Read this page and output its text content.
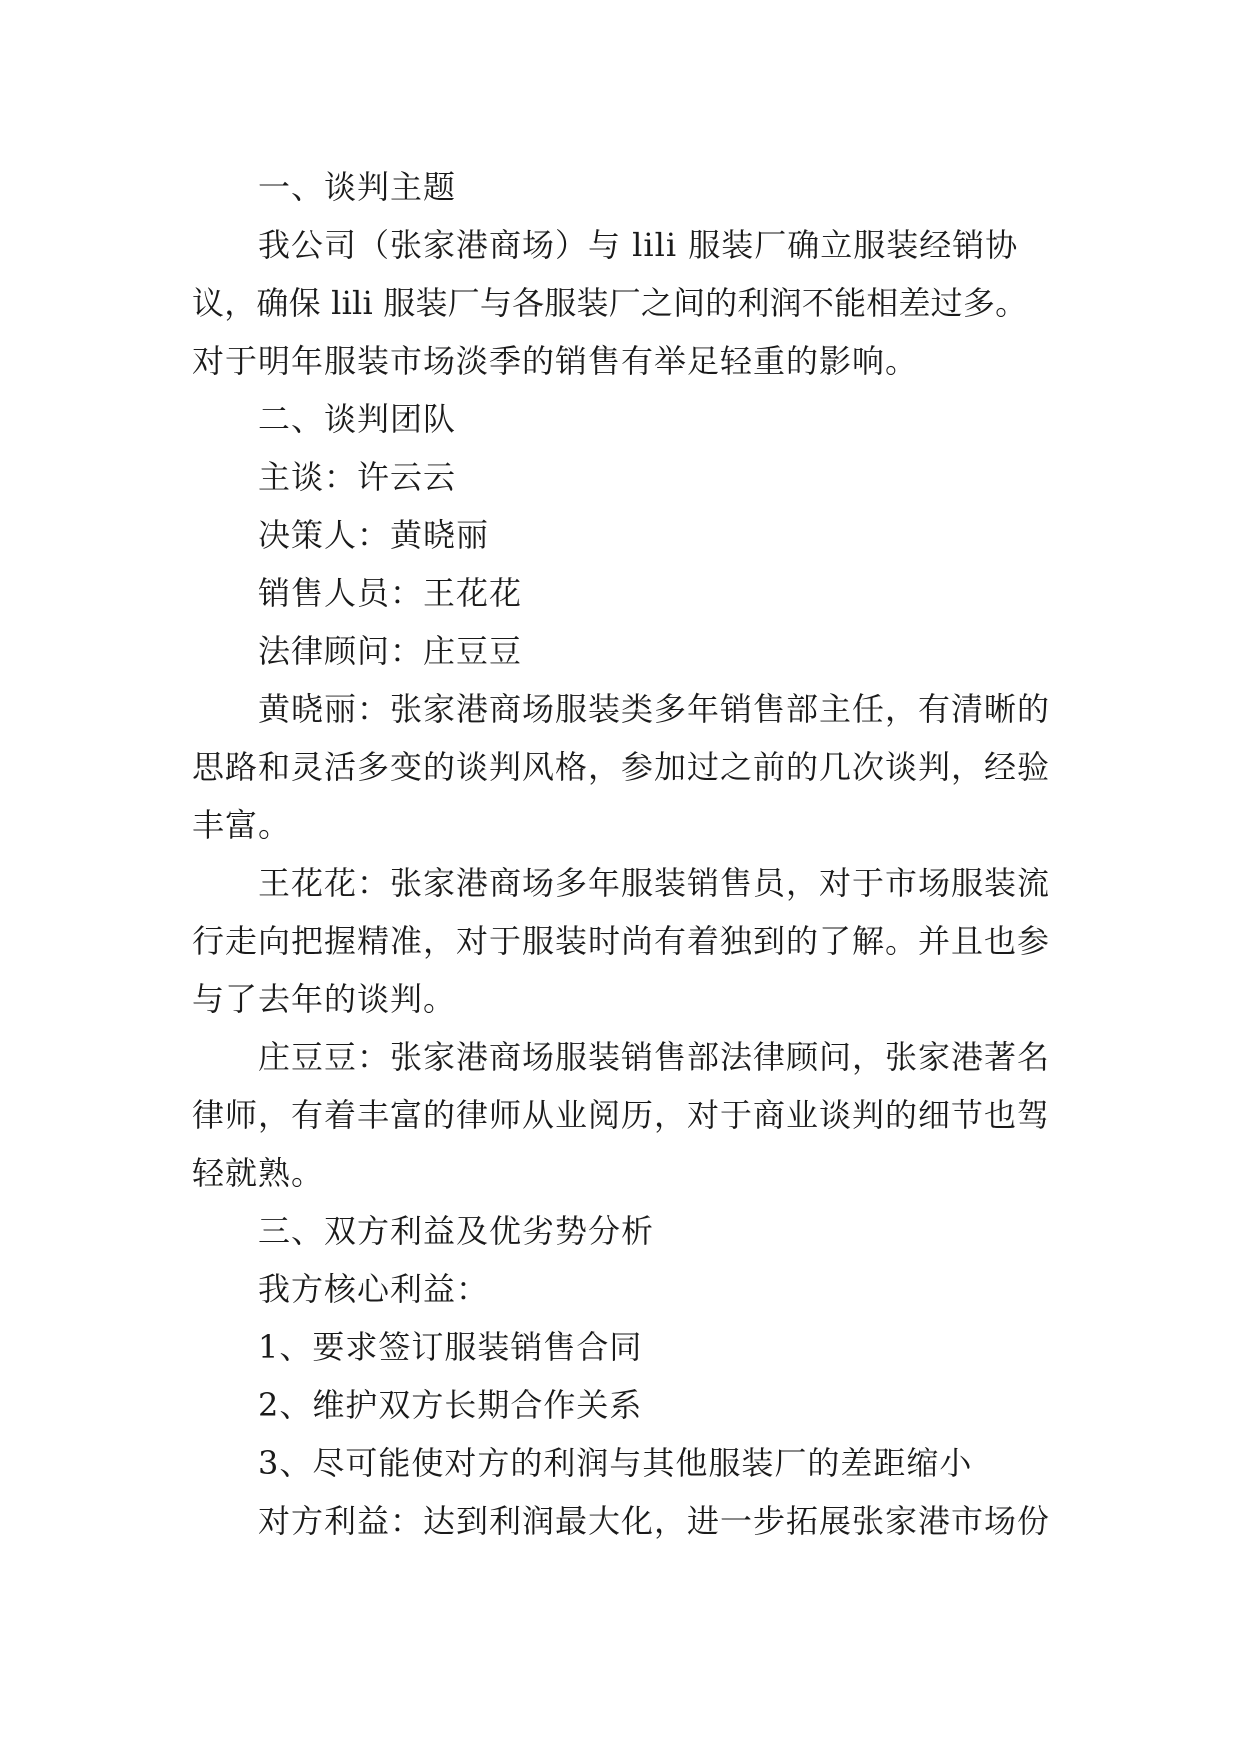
一、谈判主题
我公司（张家港商场）与 lili 服装厂确立服装经销协
议，确保 lili 服装厂与各服装厂之间的利润不能相差过多。
对于明年服装市场淡季的销售有举足轻重的影响。
二、谈判团队
主谈：许云云
决策人：黄晓丽
销售人员：王花花
法律顾问：庄豆豆
黄晓丽：张家港商场服装类多年销售部主任，有清晰的
思路和灵活多变的谈判风格，参加过之前的几次谈判，经验
丰富。
王花花：张家港商场多年服装销售员，对于市场服装流
行走向把握精准，对于服装时尚有着独到的了解。并且也参
与了去年的谈判。
庄豆豆：张家港商场服装销售部法律顾问，张家港著名
律师，有着丰富的律师从业阅历，对于商业谈判的细节也驾
轻就熟。
三、双方利益及优劣势分析
我方核心利益：
1、要求签订服装销售合同
2、维护双方长期合作关系
3、尽可能使对方的利润与其他服装厂的差距缩小
对方利益：达到利润最大化，进一步拓展张家港市场份
